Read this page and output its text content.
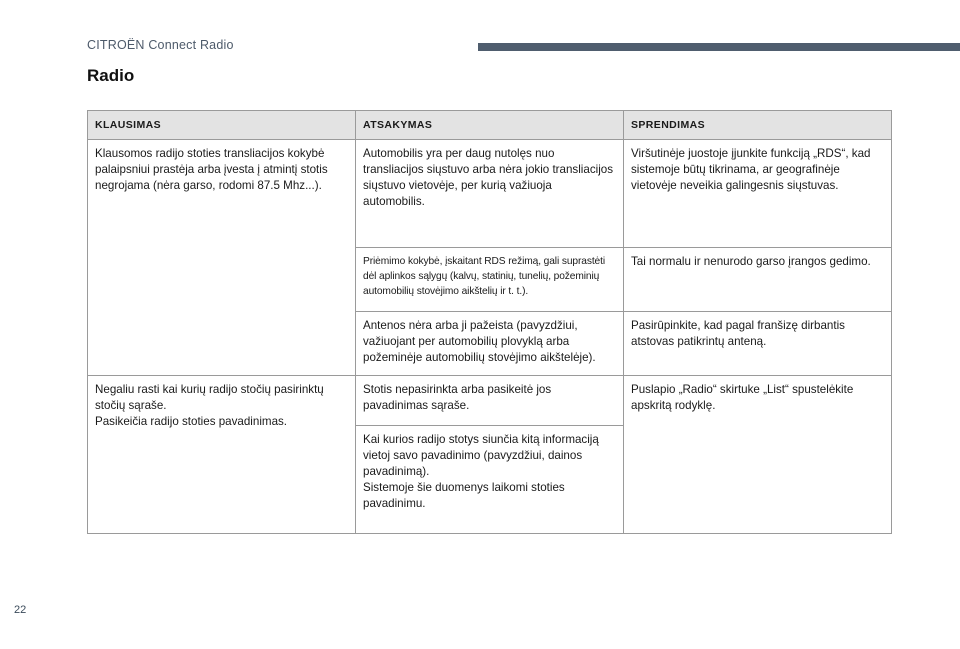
CITROËN Connect Radio
Radio
KLAUSIMAS	ATSAKYMAS	SPRENDIMAS
Klausomos radijo stoties transliacijos kokybė palaipsniui prastėja arba įvesta į atmintį stotis negrojama (nėra garso, rodomi 87.5 Mhz...).	Automobilis yra per daug nutolęs nuo transliacijos siųstuvo arba nėra jokio transliacijos siųstuvo vietovėje, per kurią važiuoja automobilis.	Viršutinėje juostoje įjunkite funkciją „RDS“, kad sistemoje būtų tikrinama, ar geografinėje vietovėje neveikia galingesnis siųstuvas.
	Priėmimo kokybė, įskaitant RDS režimą, gali suprastėti dėl aplinkos sąlygų (kalvų, statinių, tunelių, požeminių automobilių stovėjimo aikštelių ir t. t.).	Tai normalu ir nenurodo garso įrangos gedimo.
	Antenos nėra arba ji pažeista (pavyzdžiui, važiuojant per automobilių plovyklą arba požeminėje automobilių stovėjimo aikštelėje).	Pasirūpinkite, kad pagal franšizę dirbantis atstovas patikrintų anteną.
Negaliu rasti kai kurių radijo stočių pasirinktų stočių sąraše.
Pasikeičia radijo stoties pavadinimas.	Stotis nepasirinkta arba pasikeitė jos pavadinimas sąraše.	Puslapio „Radio“ skirtuke „List“ spustelėkite apskritą rodyklę.
	Kai kurios radijo stotys siunčia kitą informaciją vietoj savo pavadinimo (pavyzdžiui, dainos pavadinimą).
Sistemoje šie duomenys laikomi stoties pavadinimu.	
22
